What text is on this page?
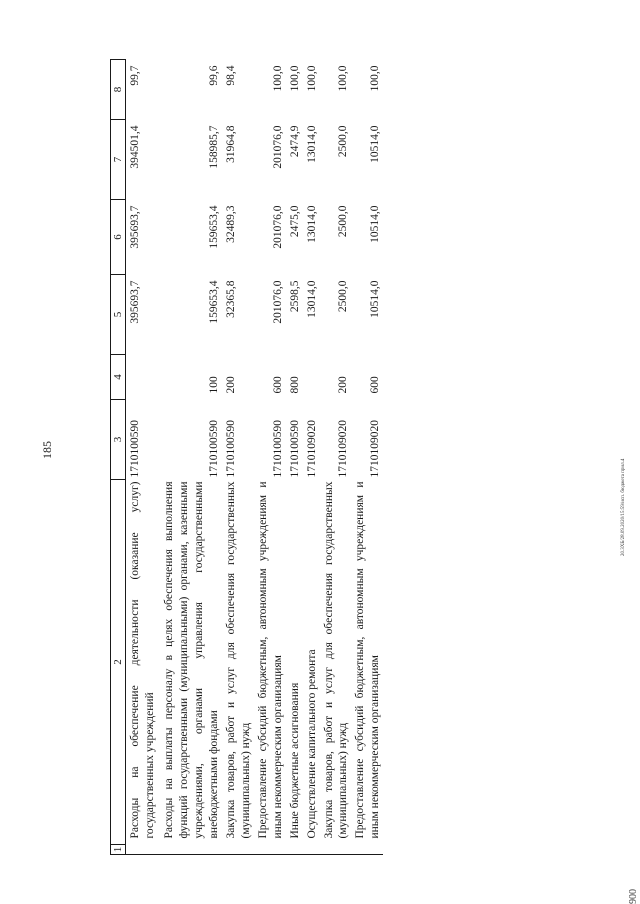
185
20.3ХБ/28.09.2020/15:59/исп. бюджета прил.4
900
1	2	3	4	5	6	7	8
	Расходы на обеспечение деятельности (оказание услуг) государственных учреждений	1710100590		395693,7	395693,7	394501,4	99,7
	Расходы на выплаты персоналу в целях обеспечения выполнения функций государственными (муниципальными) органами, казенными учреждениями, органами управления государственными внебюджетными фондами	1710100590	100	159653,4	159653,4	158985,7	99,6
	Закупка товаров, работ и услуг для обеспечения государственных (муниципальных) нужд	1710100590	200	32365,8	32489,3	31964,8	98,4
	Предоставление субсидий бюджетным, автономным учреждениям и иным некоммерческим организациям	1710100590	600	201076,0	201076,0	201076,0	100,0
	Иные бюджетные ассигнования	1710100590	800	2598,5	2475,0	2474,9	100,0
	Осуществление капитального ремонта	1710109020		13014,0	13014,0	13014,0	100,0
	Закупка товаров, работ и услуг для обеспечения государственных (муниципальных) нужд	1710109020	200	2500,0	2500,0	2500,0	100,0
	Предоставление субсидий бюджетным, автономным учреждениям и иным некоммерческим организациям	1710109020	600	10514,0	10514,0	10514,0	100,0
